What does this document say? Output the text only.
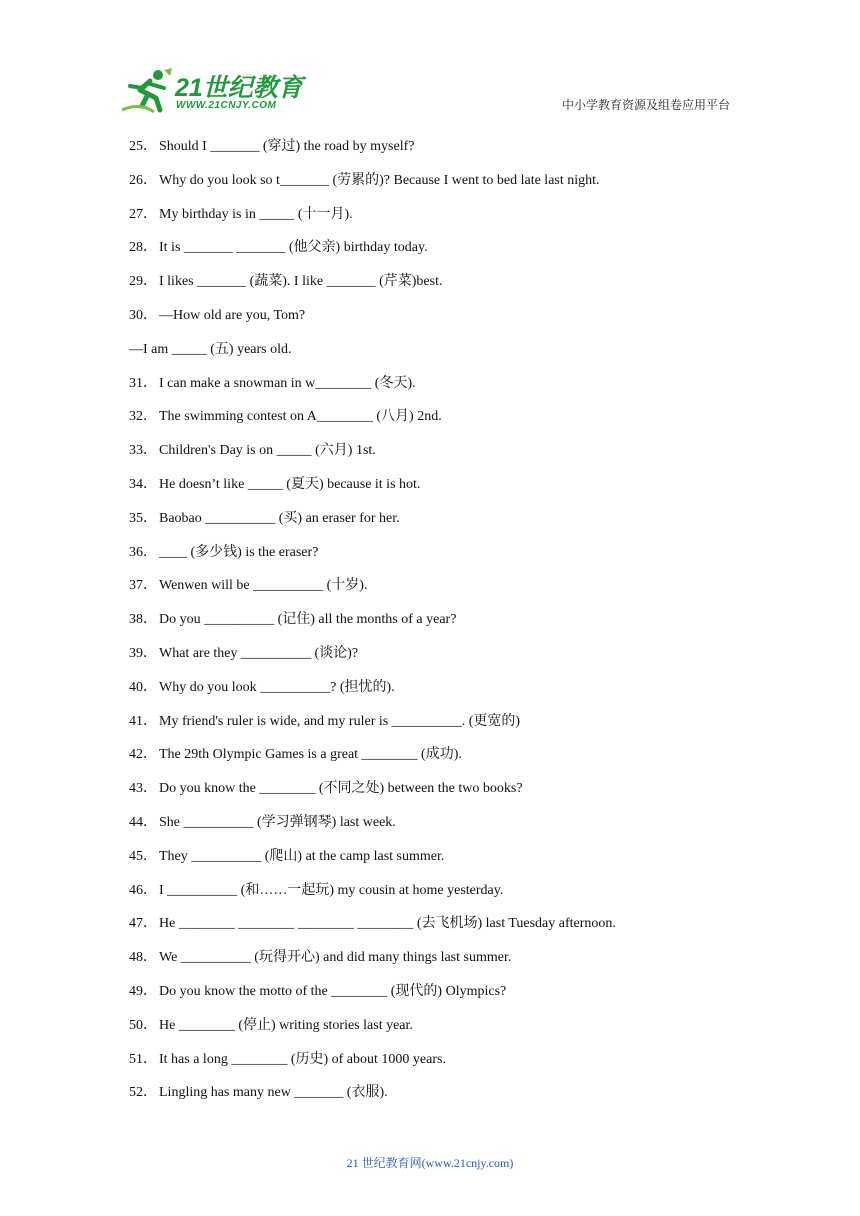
21世纪教育
WWW.21CNJY.COM	中小学教育资源及组卷应用平台
25． Should I _______ (穿过) the road by myself?
26． Why do you look so t_______ (劳累的)? Because I went to bed late last night.
27． My birthday is in _____ (十一月).
28． It is _______ _______ (他父亲) birthday today.
29． I likes _______ (蔬菜). I like _______ (芹菜)best.
30． —How old are you, Tom?
—I am _____ (五) years old.
31． I can make a snowman in w________ (冬天).
32． The swimming contest on A________ (八月) 2nd.
33． Children's Day is on _____ (六月) 1st.
34． He doesn’t like _____ (夏天) because it is hot.
35． Baobao __________ (买) an eraser for her.
36． ____ (多少钱) is the eraser?
37． Wenwen will be __________ (十岁).
38． Do you __________ (记住) all the months of a year?
39． What are they __________ (谈论)?
40． Why do you look __________? (担忧的).
41． My friend's ruler is wide, and my ruler is __________. (更宽的)
42． The 29th Olympic Games is a great ________ (成功).
43． Do you know the ________ (不同之处) between the two books?
44． She __________ (学习弹钢琴) last week.
45． They __________ (爬山) at the camp last summer.
46． I __________ (和……一起玩) my cousin at home yesterday.
47． He ________ ________ ________ ________ (去飞机场) last Tuesday afternoon.
48． We __________ (玩得开心) and did many things last summer.
49． Do you know the motto of the ________ (现代的) Olympics?
50． He ________ (停止) writing stories last year.
51． It has a long ________ (历史) of about 1000 years.
52． Lingling has many new _______ (衣服).
21 世纪教育网(www.21cnjy.com)
